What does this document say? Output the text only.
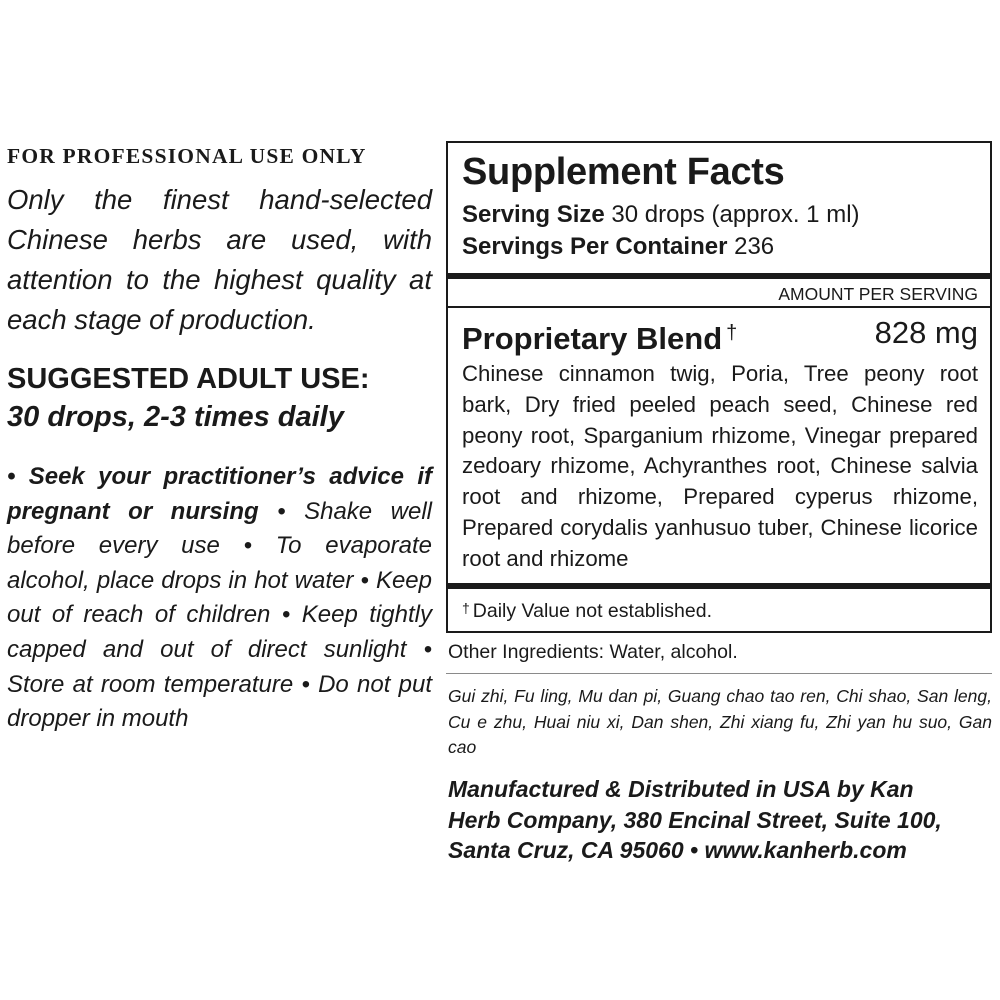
FOR PROFESSIONAL USE ONLY
Only the finest hand-selected Chinese herbs are used, with attention to the highest quality at each stage of production.
SUGGESTED ADULT USE:
30 drops, 2-3 times daily
• Seek your practitioner’s advice if pregnant or nursing • Shake well before every use • To evaporate alcohol, place drops in hot water • Keep out of reach of children • Keep tightly capped and out of direct sunlight • Store at room temperature • Do not put dropper in mouth
Supplement Facts
Serving Size 30 drops (approx. 1 ml)
Servings Per Container 236
AMOUNT PER SERVING
Proprietary Blend †	828 mg
Chinese cinnamon twig, Poria, Tree peony root bark, Dry fried peeled peach seed, Chinese red peony root, Sparganium rhizome, Vinegar prepared zedoary rhizome, Achyranthes root, Chinese salvia root and rhizome, Prepared cyperus rhizome, Prepared corydalis yanhusuo tuber, Chinese licorice root and rhizome
† Daily Value not established.
Other Ingredients: Water, alcohol.
Gui zhi, Fu ling, Mu dan pi, Guang chao tao ren, Chi shao, San leng, Cu e zhu, Huai niu xi, Dan shen, Zhi xiang fu, Zhi yan hu suo, Gan cao
Manufactured & Distributed in USA by Kan
Herb Company, 380 Encinal Street, Suite 100,
Santa Cruz, CA 95060 • www.kanherb.com
